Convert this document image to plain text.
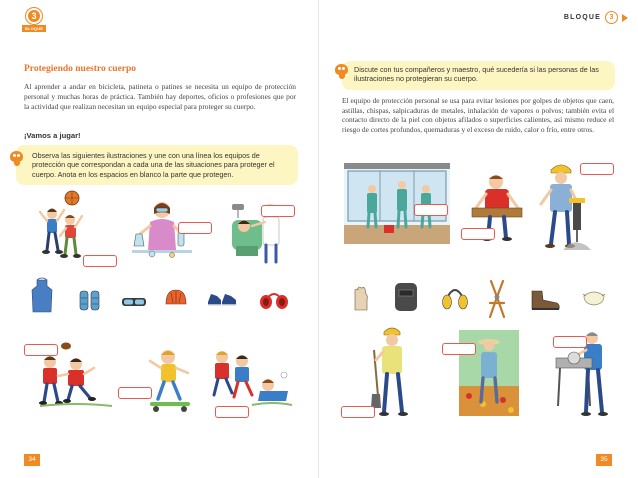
3
BLOQUE
Protegiendo nuestro cuerpo
Al aprender a andar en bicicleta, patineta o patines se necesita un equipo de protección personal y muchas horas de práctica. También hay deportes, oficios o profesiones que por la actividad que realizan necesitan un equipo especial para proteger su cuerpo.
¡Vamos a jugar!
Observa las siguientes ilustraciones y une con una línea los equipos de protección que correspondan a cada una de las situaciones para proteger el cuerpo. Anota en los espacios en blanco la parte que protegen.
34	35
BLOQUE	3
Discute con tus compañeros y maestro, qué sucedería si las personas de las ilustraciones no protegieran su cuerpo.
El equipo de protección personal se usa para evitar lesiones por golpes de objetos que caen, astillas, chispas, salpicaduras de metales, inhalación de vapores o polvos; también evita el contacto directo de la piel con objetos afilados o superficies calientes, así mismo reduce el riesgo de cortes profundos, quemaduras y el exceso de ruido, calor o frío, entre otros.
